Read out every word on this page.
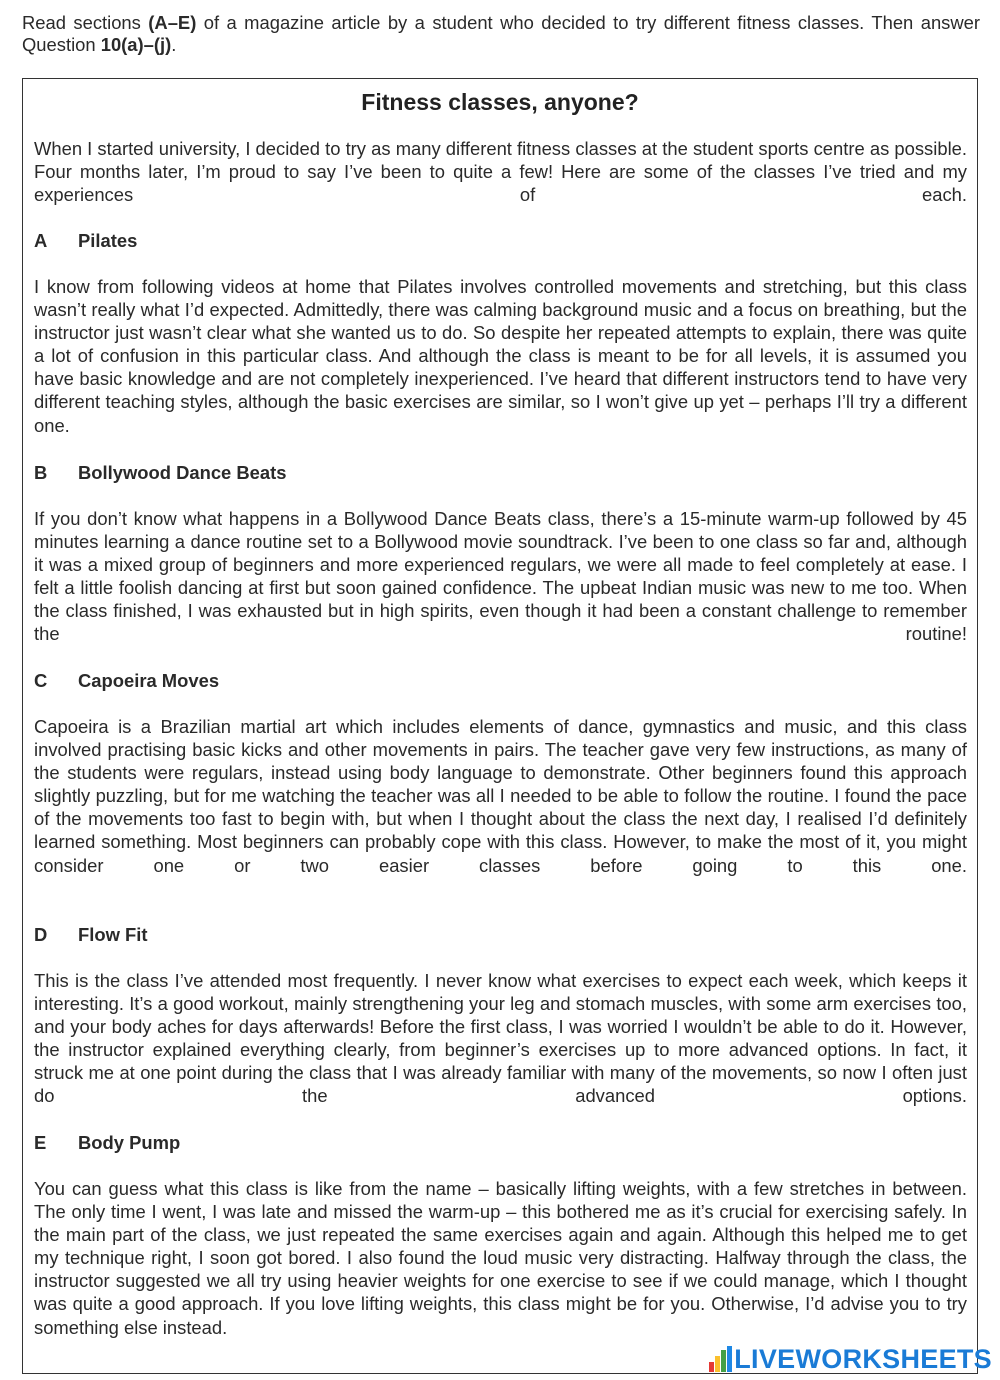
Read sections (A–E) of a magazine article by a student who decided to try different fitness classes. Then answer Question 10(a)–(j).

Fitness classes, anyone?

When I started university, I decided to try as many different fitness classes at the student sports centre as possible. Four months later, I’m proud to say I’ve been to quite a few! Here are some of the classes I’ve tried and my experiences of each.

A Pilates

I know from following videos at home that Pilates involves controlled movements and stretching, but this class wasn’t really what I’d expected. Admittedly, there was calming background music and a focus on breathing, but the instructor just wasn’t clear what she wanted us to do. So despite her repeated attempts to explain, there was quite a lot of confusion in this particular class. And although the class is meant to be for all levels, it is assumed you have basic knowledge and are not completely inexperienced. I’ve heard that different instructors tend to have very different teaching styles, although the basic exercises are similar, so I won’t give up yet – perhaps I’ll try a different one.

B Bollywood Dance Beats

If you don’t know what happens in a Bollywood Dance Beats class, there’s a 15-minute warm-up followed by 45 minutes learning a dance routine set to a Bollywood movie soundtrack. I’ve been to one class so far and, although it was a mixed group of beginners and more experienced regulars, we were all made to feel completely at ease. I felt a little foolish dancing at first but soon gained confidence. The upbeat Indian music was new to me too. When the class finished, I was exhausted but in high spirits, even though it had been a constant challenge to remember the routine!

C Capoeira Moves

Capoeira is a Brazilian martial art which includes elements of dance, gymnastics and music, and this class involved practising basic kicks and other movements in pairs. The teacher gave very few instructions, as many of the students were regulars, instead using body language to demonstrate. Other beginners found this approach slightly puzzling, but for me watching the teacher was all I needed to be able to follow the routine. I found the pace of the movements too fast to begin with, but when I thought about the class the next day, I realised I’d definitely learned something. Most beginners can probably cope with this class. However, to make the most of it, you might consider one or two easier classes before going to this one.

D Flow Fit

This is the class I’ve attended most frequently. I never know what exercises to expect each week, which keeps it interesting. It’s a good workout, mainly strengthening your leg and stomach muscles, with some arm exercises too, and your body aches for days afterwards! Before the first class, I was worried I wouldn’t be able to do it. However, the instructor explained everything clearly, from beginner’s exercises up to more advanced options. In fact, it struck me at one point during the class that I was already familiar with many of the movements, so now I often just do the advanced options.

E Body Pump

You can guess what this class is like from the name – basically lifting weights, with a few stretches in between. The only time I went, I was late and missed the warm-up – this bothered me as it’s crucial for exercising safely. In the main part of the class, we just repeated the same exercises again and again. Although this helped me to get my technique right, I soon got bored. I also found the loud music very distracting. Halfway through the class, the instructor suggested we all try using heavier weights for one exercise to see if we could manage, which I thought was quite a good approach. If you love lifting weights, this class might be for you. Otherwise, I’d advise you to try something else instead.

LIVEWORKSHEETS
